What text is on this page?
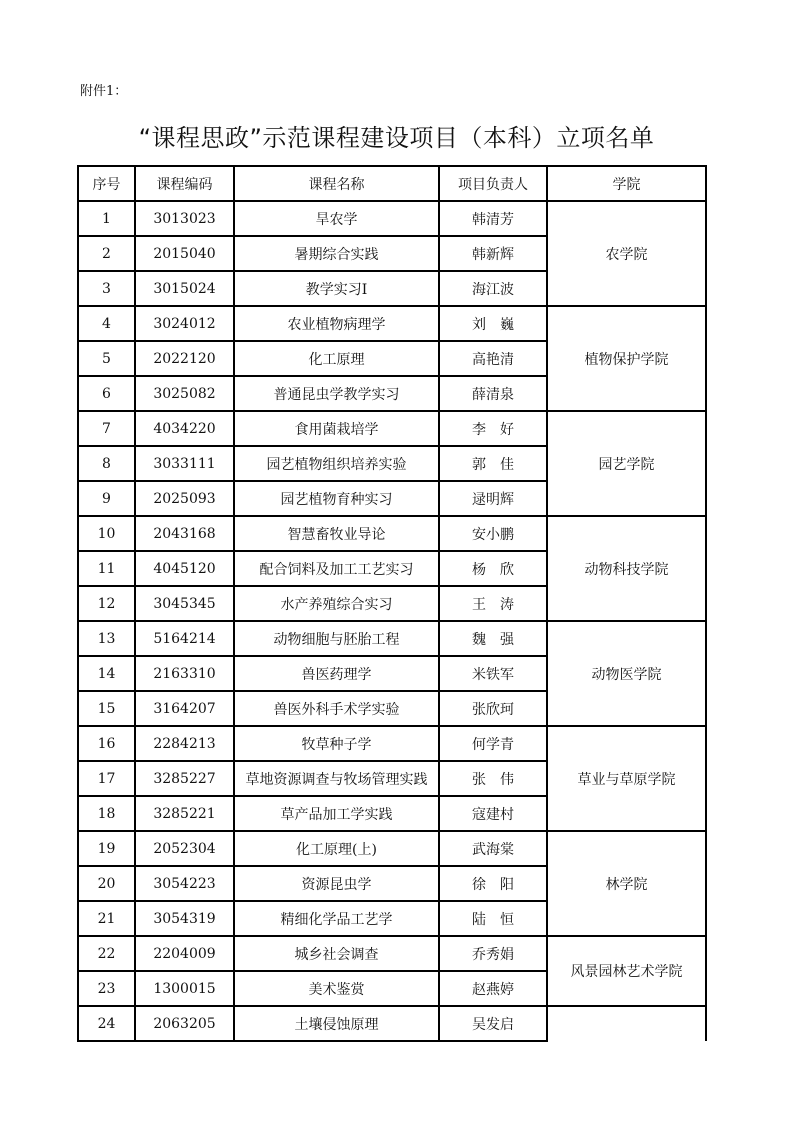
附件1：
“课程思政”示范课程建设项目（本科）立项名单
序号	课程编码	课程名称	项目负责人	学院
1	3013023	旱农学	韩清芳	农学院
2	2015040	暑期综合实践	韩新辉	
3	3015024	教学实习I	海江波	
4	3024012	农业植物病理学	刘　巍	植物保护学院
5	2022120	化工原理	高艳清	
6	3025082	普通昆虫学教学实习	薛清泉	
7	4034220	食用菌栽培学	李　好	园艺学院
8	3033111	园艺植物组织培养实验	郭　佳	
9	2025093	园艺植物育种实习	逯明辉	
10	2043168	智慧畜牧业导论	安小鹏	动物科技学院
11	4045120	配合饲料及加工工艺实习	杨　欣	
12	3045345	水产养殖综合实习	王　涛	
13	5164214	动物细胞与胚胎工程	魏　强	动物医学院
14	2163310	兽医药理学	米铁军	
15	3164207	兽医外科手术学实验	张欣珂	
16	2284213	牧草种子学	何学青	草业与草原学院
17	3285227	草地资源调查与牧场管理实践	张　伟	
18	3285221	草产品加工学实践	寇建村	
19	2052304	化工原理(上)	武海棠	林学院
20	3054223	资源昆虫学	徐　阳	
21	3054319	精细化学品工艺学	陆　恒	
22	2204009	城乡社会调查	乔秀娟	风景园林艺术学院
23	1300015	美术鉴赏	赵燕婷	
24	2063205	土壤侵蚀原理	吴发启	
